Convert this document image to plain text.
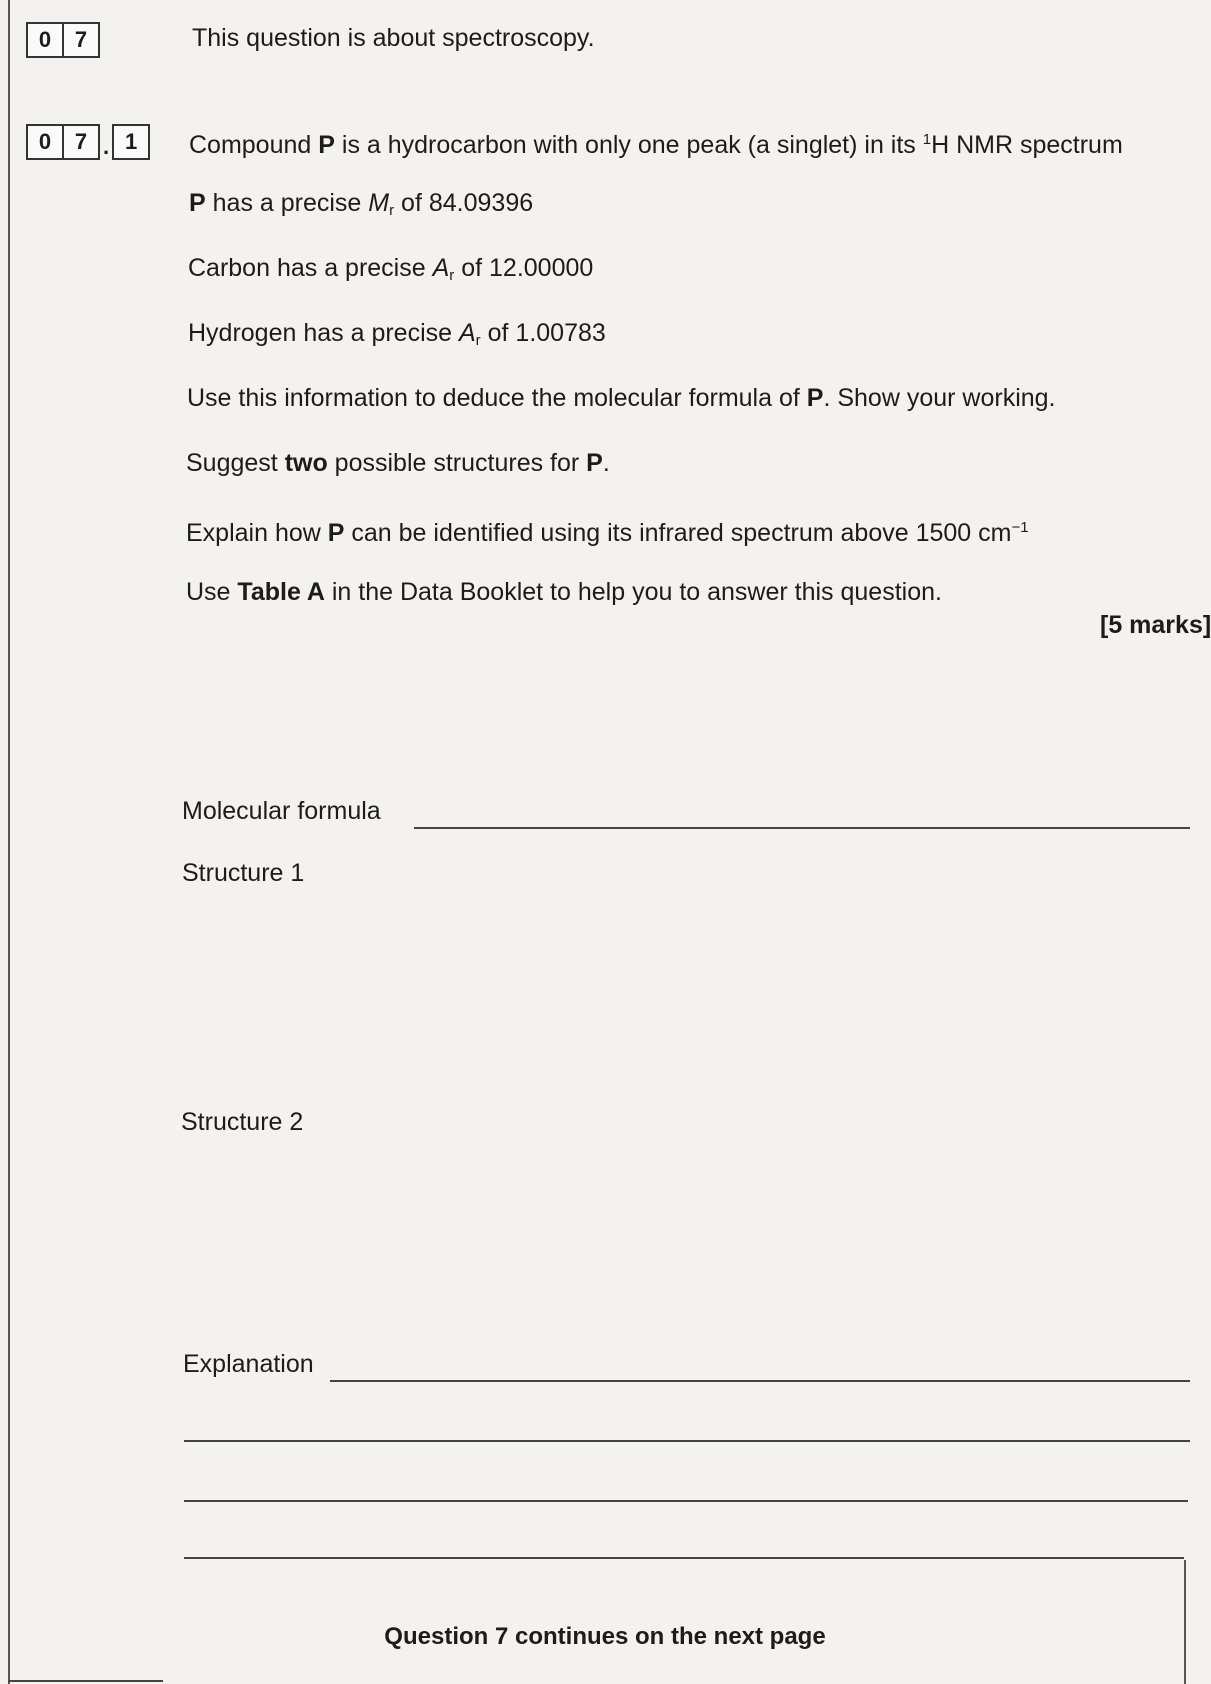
0	7	This question is about spectroscopy.
0	7 . 1	Compound P is a hydrocarbon with only one peak (a singlet) in its $^1$H NMR spectrum
P has a precise $M_r$ of 84.09396
Carbon has a precise $A_r$ of 12.00000
Hydrogen has a precise $A_r$ of 1.00783
Use this information to deduce the molecular formula of P. Show your working.
Suggest two possible structures for P.
Explain how P can be identified using its infrared spectrum above 1500 $cm^{-1}$
Use Table A in the Data Booklet to help you to answer this question.
[5 marks]
Molecular formula
Structure 1
Structure 2
Explanation
Question 7 continues on the next page
